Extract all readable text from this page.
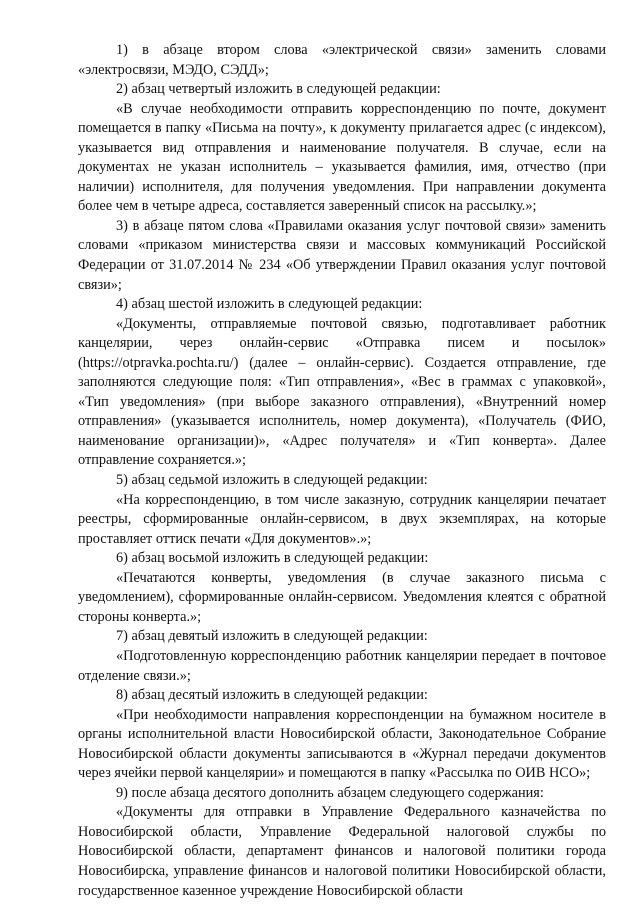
1) в абзаце втором слова «электрической связи» заменить словами «электросвязи, МЭДО, СЭДД»;

2) абзац четвертый изложить в следующей редакции:

«В случае необходимости отправить корреспонденцию по почте, документ помещается в папку «Письма на почту», к документу прилагается адрес (с индексом), указывается вид отправления и наименование получателя. В случае, если на документах не указан исполнитель – указывается фамилия, имя, отчество (при наличии) исполнителя, для получения уведомления. При направлении документа более чем в четыре адреса, составляется заверенный список на рассылку.»;

3) в абзаце пятом слова «Правилами оказания услуг почтовой связи» заменить словами «приказом министерства связи и массовых коммуникаций Российской Федерации от 31.07.2014 № 234 «Об утверждении Правил оказания услуг почтовой связи»;

4) абзац шестой изложить в следующей редакции:

«Документы, отправляемые почтовой связью, подготавливает работник канцелярии, через онлайн-сервис «Отправка писем и посылок» (https://otpravka.pochta.ru/) (далее – онлайн-сервис). Создается отправление, где заполняются следующие поля: «Тип отправления», «Вес в граммах с упаковкой», «Тип уведомления» (при выборе заказного отправления), «Внутренний номер отправления» (указывается исполнитель, номер документа), «Получатель (ФИО, наименование организации)», «Адрес получателя» и «Тип конверта». Далее отправление сохраняется.»;

5) абзац седьмой изложить в следующей редакции:

«На корреспонденцию, в том числе заказную, сотрудник канцелярии печатает реестры, сформированные онлайн-сервисом, в двух экземплярах, на которые проставляет оттиск печати «Для документов».»;

6) абзац восьмой изложить в следующей редакции:

«Печатаются конверты, уведомления (в случае заказного письма с уведомлением), сформированные онлайн-сервисом. Уведомления клеятся с обратной стороны конверта.»;

7) абзац девятый изложить в следующей редакции:

«Подготовленную корреспонденцию работник канцелярии передает в почтовое отделение связи.»;

8) абзац десятый изложить в следующей редакции:

«При необходимости направления корреспонденции на бумажном носителе в органы исполнительной власти Новосибирской области, Законодательное Собрание Новосибирской области документы записываются в «Журнал передачи документов через ячейки первой канцелярии» и помещаются в папку «Рассылка по ОИВ НСО»;

9) после абзаца десятого дополнить абзацем следующего содержания:

«Документы для отправки в Управление Федерального казначейства по Новосибирской области, Управление Федеральной налоговой службы по Новосибирской области, департамент финансов и налоговой политики города Новосибирска, управление финансов и налоговой политики Новосибирской области, государственное казенное учреждение Новосибирской области
